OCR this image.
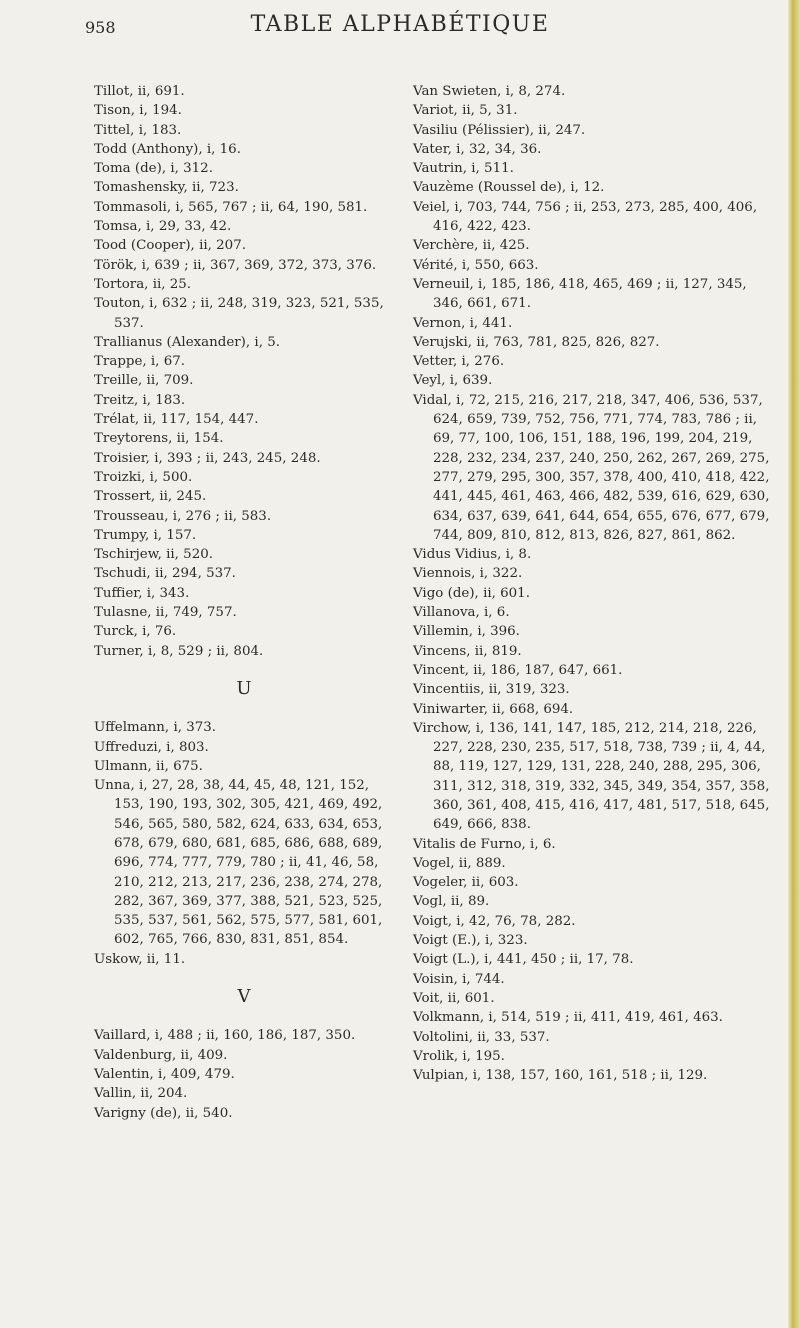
958	TABLE ALPHABÉTIQUE
Tillot, ii, 691.
Tison, i, 194.
Tittel, i, 183.
Todd (Anthony), i, 16.
Toma (de), i, 312.
Tomashensky, ii, 723.
Tommasoli, i, 565, 767 ; ii, 64, 190, 581.
Tomsa, i, 29, 33, 42.
Tood (Cooper), ii, 207.
Török, i, 639 ; ii, 367, 369, 372, 373, 376.
Tortora, ii, 25.
Touton, i, 632 ; ii, 248, 319, 323, 521, 535, 537.
Trallianus (Alexander), i, 5.
Trappe, i, 67.
Treille, ii, 709.
Treitz, i, 183.
Trélat, ii, 117, 154, 447.
Treytorens, ii, 154.
Troisier, i, 393 ; ii, 243, 245, 248.
Troizki, i, 500.
Trossert, ii, 245.
Trousseau, i, 276 ; ii, 583.
Trumpy, i, 157.
Tschirjew, ii, 520.
Tschudi, ii, 294, 537.
Tuffier, i, 343.
Tulasne, ii, 749, 757.
Turck, i, 76.
Turner, i, 8, 529 ; ii, 804.
U
Uffelmann, i, 373.
Uffreduzi, i, 803.
Ulmann, ii, 675.
Unna, i, 27, 28, 38, 44, 45, 48, 121, 152, 153, 190, 193, 302, 305, 421, 469, 492, 546, 565, 580, 582, 624, 633, 634, 653, 678, 679, 680, 681, 685, 686, 688, 689, 696, 774, 777, 779, 780 ; ii, 41, 46, 58, 210, 212, 213, 217, 236, 238, 274, 278, 282, 367, 369, 377, 388, 521, 523, 525, 535, 537, 561, 562, 575, 577, 581, 601, 602, 765, 766, 830, 831, 851, 854.
Uskow, ii, 11.
V
Vaillard, i, 488 ; ii, 160, 186, 187, 350.
Valdenburg, ii, 409.
Valentin, i, 409, 479.
Vallin, ii, 204.
Varigny (de), ii, 540.
Van Swieten, i, 8, 274.
Variot, ii, 5, 31.
Vasiliu (Pélissier), ii, 247.
Vater, i, 32, 34, 36.
Vautrin, i, 511.
Vauzème (Roussel de), i, 12.
Veiel, i, 703, 744, 756 ; ii, 253, 273, 285, 400, 406, 416, 422, 423.
Verchère, ii, 425.
Vérité, i, 550, 663.
Verneuil, i, 185, 186, 418, 465, 469 ; ii, 127, 345, 346, 661, 671.
Vernon, i, 441.
Verujski, ii, 763, 781, 825, 826, 827.
Vetter, i, 276.
Veyl, i, 639.
Vidal, i, 72, 215, 216, 217, 218, 347, 406, 536, 537, 624, 659, 739, 752, 756, 771, 774, 783, 786 ; ii, 69, 77, 100, 106, 151, 188, 196, 199, 204, 219, 228, 232, 234, 237, 240, 250, 262, 267, 269, 275, 277, 279, 295, 300, 357, 378, 400, 410, 418, 422, 441, 445, 461, 463, 466, 482, 539, 616, 629, 630, 634, 637, 639, 641, 644, 654, 655, 676, 677, 679, 744, 809, 810, 812, 813, 826, 827, 861, 862.
Vidus Vidius, i, 8.
Viennois, i, 322.
Vigo (de), ii, 601.
Villanova, i, 6.
Villemin, i, 396.
Vincens, ii, 819.
Vincent, ii, 186, 187, 647, 661.
Vincentiis, ii, 319, 323.
Viniwarter, ii, 668, 694.
Virchow, i, 136, 141, 147, 185, 212, 214, 218, 226, 227, 228, 230, 235, 517, 518, 738, 739 ; ii, 4, 44, 88, 119, 127, 129, 131, 228, 240, 288, 295, 306, 311, 312, 318, 319, 332, 345, 349, 354, 357, 358, 360, 361, 408, 415, 416, 417, 481, 517, 518, 645, 649, 666, 838.
Vitalis de Furno, i, 6.
Vogel, ii, 889.
Vogeler, ii, 603.
Vogl, ii, 89.
Voigt, i, 42, 76, 78, 282.
Voigt (E.), i, 323.
Voigt (L.), i, 441, 450 ; ii, 17, 78.
Voisin, i, 744.
Voit, ii, 601.
Volkmann, i, 514, 519 ; ii, 411, 419, 461, 463.
Voltolini, ii, 33, 537.
Vrolik, i, 195.
Vulpian, i, 138, 157, 160, 161, 518 ; ii, 129.
